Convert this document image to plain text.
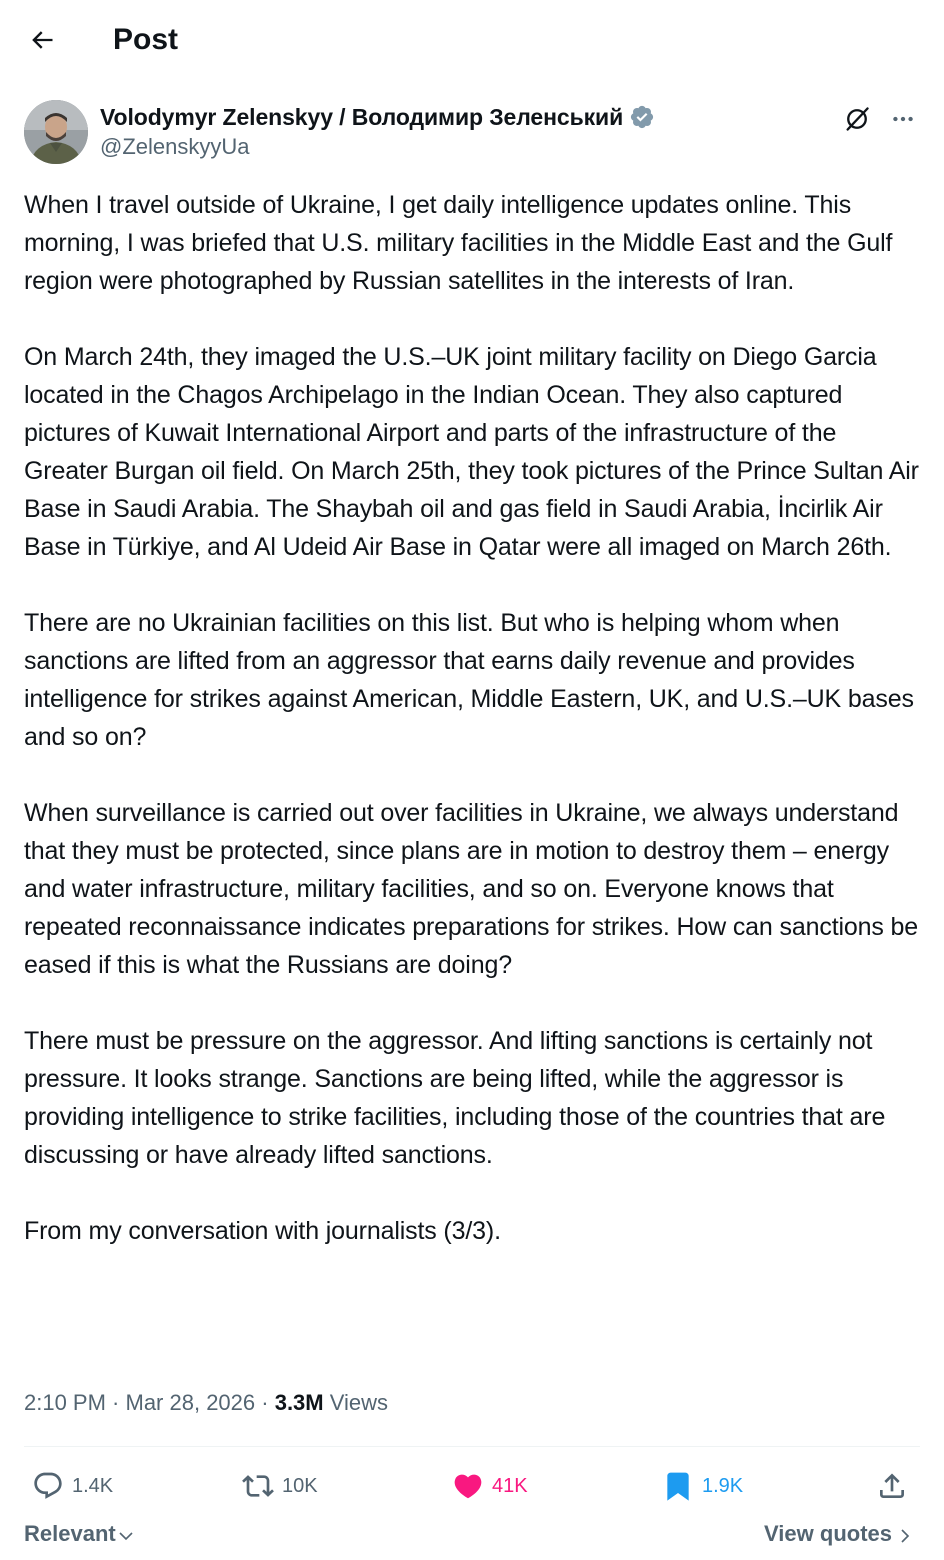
Post
Volodymyr Zelenskyy / Володимир Зеленський
@ZelenskyyUa

When I travel outside of Ukraine, I get daily intelligence updates online. This morning, I was briefed that U.S. military facilities in the Middle East and the Gulf region were photographed by Russian satellites in the interests of Iran.

On March 24th, they imaged the U.S.–UK joint military facility on Diego Garcia located in the Chagos Archipelago in the Indian Ocean. They also captured pictures of Kuwait International Airport and parts of the infrastructure of the Greater Burgan oil field. On March 25th, they took pictures of the Prince Sultan Air Base in Saudi Arabia. The Shaybah oil and gas field in Saudi Arabia, İncirlik Air Base in Türkiye, and Al Udeid Air Base in Qatar were all imaged on March 26th.

There are no Ukrainian facilities on this list. But who is helping whom when sanctions are lifted from an aggressor that earns daily revenue and provides intelligence for strikes against American, Middle Eastern, UK, and U.S.–UK bases and so on?

When surveillance is carried out over facilities in Ukraine, we always understand that they must be protected, since plans are in motion to destroy them – energy and water infrastructure, military facilities, and so on. Everyone knows that repeated reconnaissance indicates preparations for strikes. How can sanctions be eased if this is what the Russians are doing?

There must be pressure on the aggressor. And lifting sanctions is certainly not pressure. It looks strange. Sanctions are being lifted, while the aggressor is providing intelligence to strike facilities, including those of the countries that are discussing or have already lifted sanctions.

From my conversation with journalists (3/3).

2:10 PM · Mar 28, 2026 · 3.3M
Views
1.4K	10K	41K	1.9K
Relevant	View quotes
